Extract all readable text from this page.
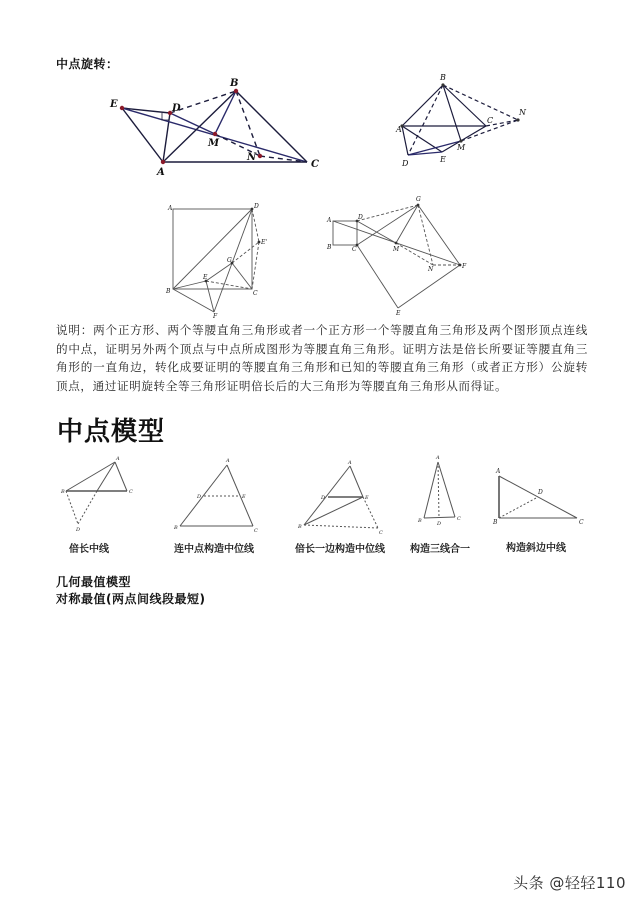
中点旋转：
E	D
B
M
N
A
C
B
A
C
N
M
D	E
A	D
E'
G
E
B	C
F
A	D
B	C
G
M
N	F
E
A
B	C
D
A
D	E
B	C
A
D	E
B
C
A
B	D
C
A
D
B	C
说明：两个正方形、两个等腰直角三角形或者一个正方形一个等腰直角三角形及两个图形顶点连线的中点，证明另外两个顶点与中点所成图形为等腰直角三角形。证明方法是倍长所要证等腰直角三角形的一直角边，转化成要证明的等腰直角三角形和已知的等腰直角三角形（或者正方形）公旋转顶点，通过证明旋转全等三角形证明倍长后的大三角形为等腰直角三角形从而得证。
中点模型
倍长中线	连中点构造中位线	倍长一边构造中位线	构造三线合一	构造斜边中线
几何最值模型
对称最值(两点间线段最短)
头条 @轻轻110
